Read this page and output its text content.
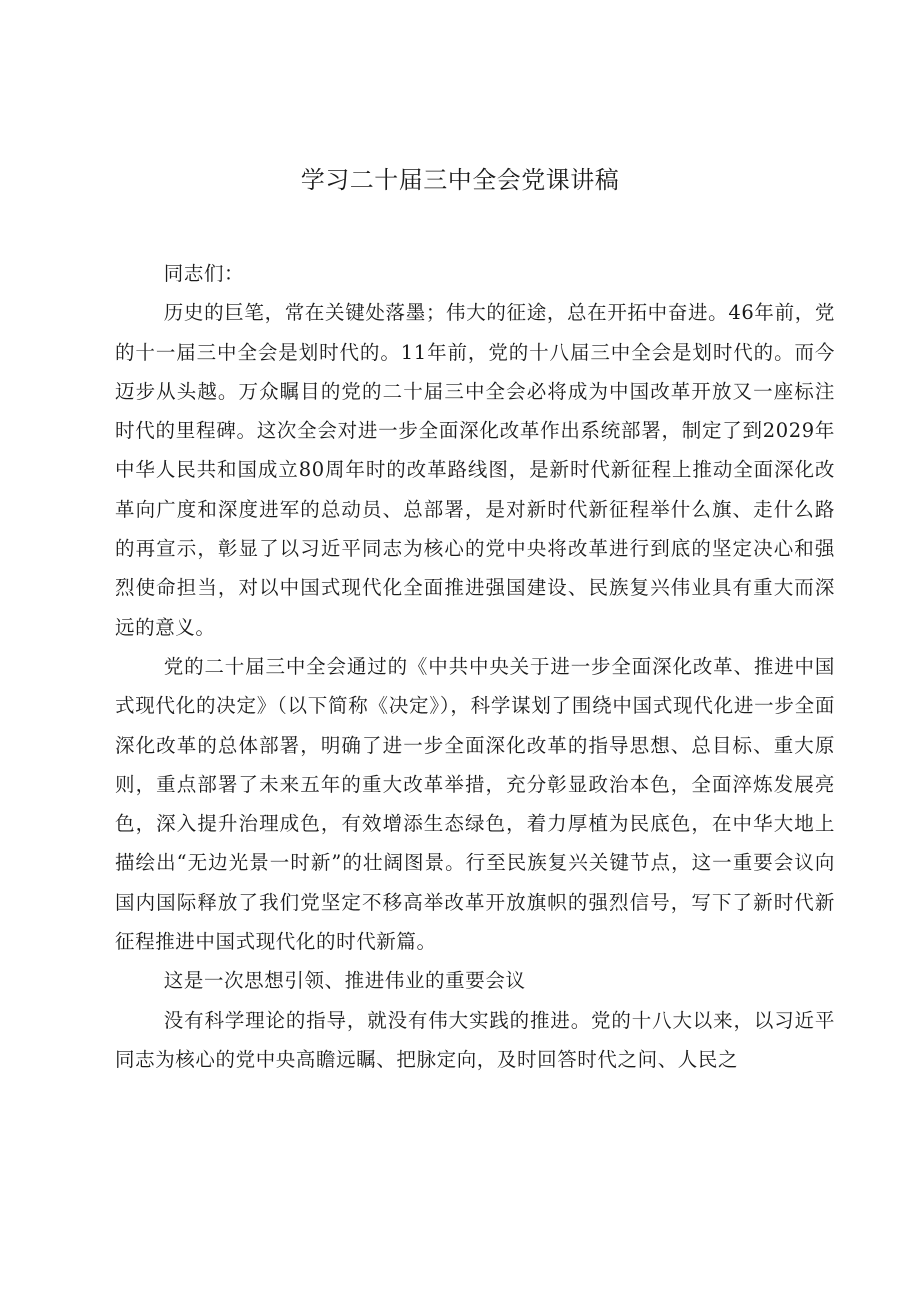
学习二十届三中全会党课讲稿

同志们：

历史的巨笔，常在关键处落墨；伟大的征途，总在开拓中奋进。46年前，党的十一届三中全会是划时代的。11年前，党的十八届三中全会是划时代的。而今迈步从头越。万众瞩目的党的二十届三中全会必将成为中国改革开放又一座标注时代的里程碑。这次全会对进一步全面深化改革作出系统部署，制定了到2029年中华人民共和国成立80周年时的改革路线图，是新时代新征程上推动全面深化改革向广度和深度进军的总动员、总部署，是对新时代新征程举什么旗、走什么路的再宣示，彰显了以习近平同志为核心的党中央将改革进行到底的坚定决心和强烈使命担当，对以中国式现代化全面推进强国建设、民族复兴伟业具有重大而深远的意义。

党的二十届三中全会通过的《中共中央关于进一步全面深化改革、推进中国式现代化的决定》（以下简称《决定》），科学谋划了围绕中国式现代化进一步全面深化改革的总体部署，明确了进一步全面深化改革的指导思想、总目标、重大原则，重点部署了未来五年的重大改革举措，充分彰显政治本色，全面淬炼发展亮色，深入提升治理成色，有效增添生态绿色，着力厚植为民底色，在中华大地上描绘出“无边光景一时新”的壮阔图景。行至民族复兴关键节点，这一重要会议向国内国际释放了我们党坚定不移高举改革开放旗帜的强烈信号，写下了新时代新征程推进中国式现代化的时代新篇。

这是一次思想引领、推进伟业的重要会议

没有科学理论的指导，就没有伟大实践的推进。党的十八大以来，以习近平同志为核心的党中央高瞻远瞩、把脉定向，及时回答时代之问、人民之
